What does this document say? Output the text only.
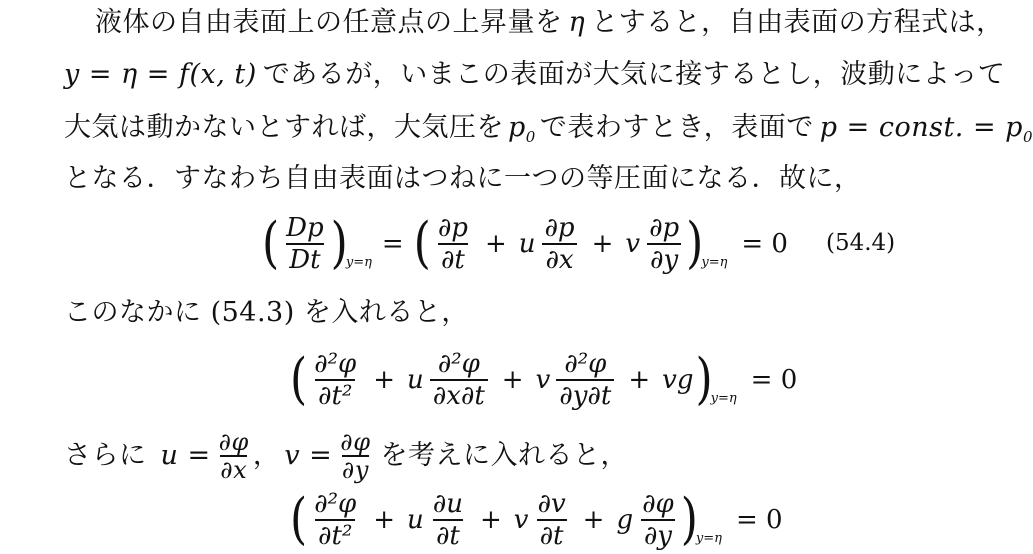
液体の自由表面上の任意点の上昇量を η とすると，自由表面の方程式は，
y = η = f(x, t) であるが，いまこの表面が大気に接するとし，波動によって
大気は動かないとすれば，大気圧を $p_0$ で表わすとき，表面で p = const. = $p_0$
となる．すなわち自由表面はつねに一つの等圧面になる．故に，
( $\frac{Dp}{Dt}$ )
y=η
= ( $\frac{\partial p}{\partial t} + u \frac{\partial p}{\partial x} + v \frac{\partial p}{\partial y}$ )
y=η
= 0 (54.4)
このなかに (54.3) を入れると，
( $\frac{\text{∂²φ}}{\text{∂t²}} + u \frac{\text{∂²φ}}{\partial x\partial t} + v \frac{\text{∂²φ}}{\partial y\partial t}$ + vg )
y=η
= 0
さらに $u = \frac{\partial\varphi}{\partial x}$ ， $v = \frac{\partial\varphi}{\partial y}$ を考えに入れると，
( $\frac{\text{∂²φ}}{\text{∂t²}} + u \frac{\partial u}{\partial t} + v \frac{\partial v}{\partial t} + g \frac{\partial\varphi}{\partial y}$ )
y=η
= 0
